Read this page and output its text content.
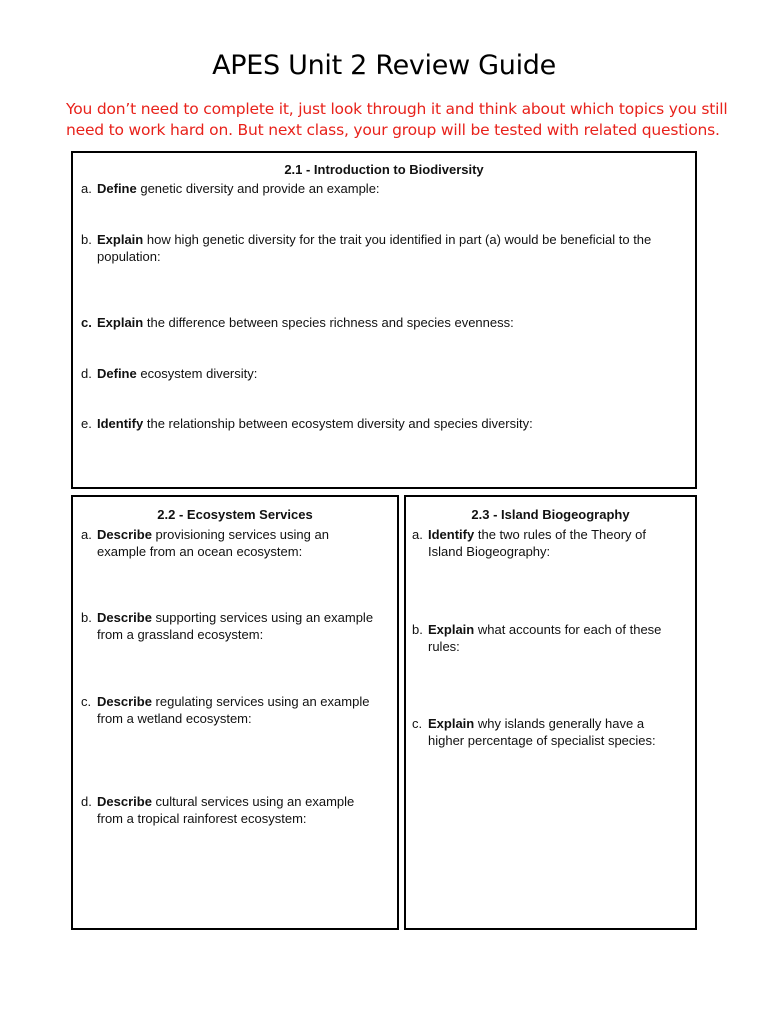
APES Unit 2 Review Guide
You don’t need to complete it, just look through it and think about which topics you still
need to work hard on. But next class, your group will be tested with related questions.
2.1 - Introduction to Biodiversity
a. Define genetic diversity and provide an example:
b. Explain how high genetic diversity for the trait you identified in part (a) would be beneficial to the population:
c. Explain the difference between species richness and species evenness:
d. Define ecosystem diversity:
e. Identify the relationship between ecosystem diversity and species diversity:
2.2 - Ecosystem Services
a. Describe provisioning services using an example from an ocean ecosystem:
b. Describe supporting services using an example from a grassland ecosystem:
c. Describe regulating services using an example from a wetland ecosystem:
d. Describe cultural services using an example from a tropical rainforest ecosystem:
2.3 - Island Biogeography
a. Identify the two rules of the Theory of Island Biogeography:
b. Explain what accounts for each of these rules:
c. Explain why islands generally have a higher percentage of specialist species:
